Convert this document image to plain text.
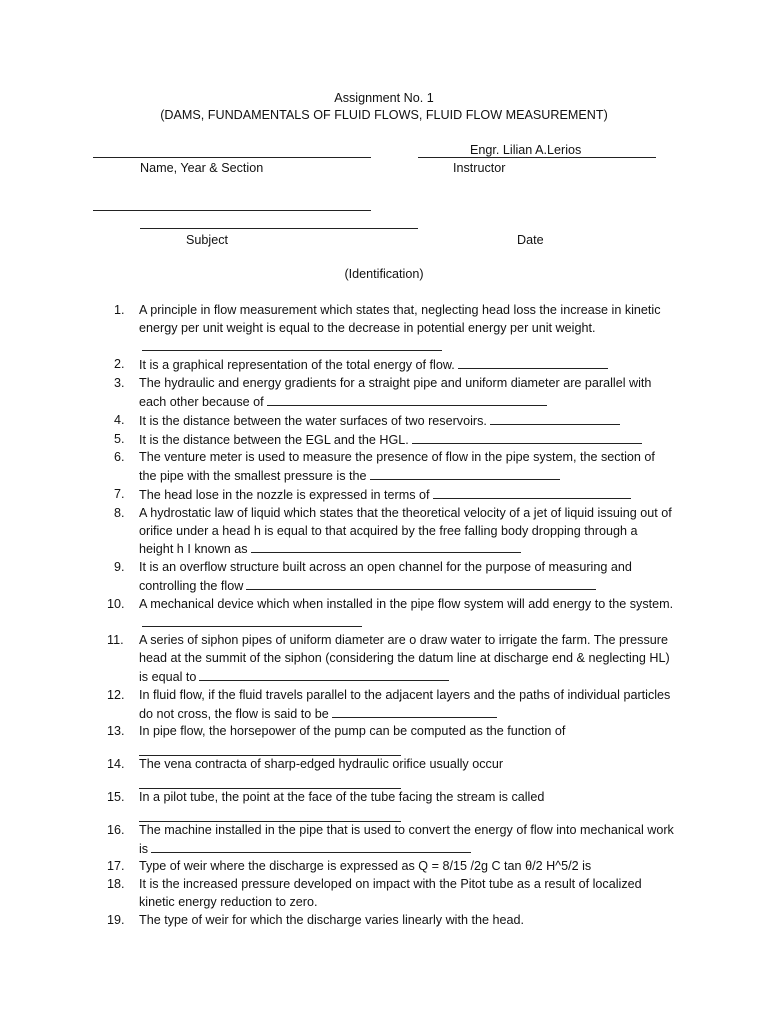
Assignment No. 1
(DAMS, FUNDAMENTALS OF FLUID FLOWS, FLUID FLOW MEASUREMENT)
Engr. Lilian A.Lerios
Name, Year & Section	Instructor
Subject	Date
(Identification)
1. A principle in flow measurement which states that, neglecting head loss the increase in kinetic energy per unit weight is equal to the decrease in potential energy per unit weight.
2. It is a graphical representation of the total energy of flow.
3. The hydraulic and energy gradients for a straight pipe and uniform diameter are parallel with each other because of
4. It is the distance between the water surfaces of two reservoirs.
5. It is the distance between the EGL and the HGL.
6. The venture meter is used to measure the presence of flow in the pipe system, the section of the pipe with the smallest pressure is the
7. The head lose in the nozzle is expressed in terms of
8. A hydrostatic law of liquid which states that the theoretical velocity of a jet of liquid issuing out of orifice under a head h is equal to that acquired by the free falling body dropping through a height h I known as
9. It is an overflow structure built across an open channel for the purpose of measuring and controlling the flow
10. A mechanical device which when installed in the pipe flow system will add energy to the system.
11. A series of siphon pipes of uniform diameter are o draw water to irrigate the farm. The pressure head at the summit of the siphon (considering the datum line at discharge end & neglecting HL) is equal to
12. In fluid flow, if the fluid travels parallel to the adjacent layers and the paths of individual particles do not cross, the flow is said to be
13. In pipe flow, the horsepower of the pump can be computed as the function of
14. The vena contracta of sharp-edged hydraulic orifice usually occur
15. In a pilot tube, the point at the face of the tube facing the stream is called
16. The machine installed in the pipe that is used to convert the energy of flow into mechanical work is
17. Type of weir where the discharge is expressed as Q = 8/15 /2g C tan θ/2 H^5/2 is
18. It is the increased pressure developed on impact with the Pitot tube as a result of localized kinetic energy reduction to zero.
19. The type of weir for which the discharge varies linearly with the head.
